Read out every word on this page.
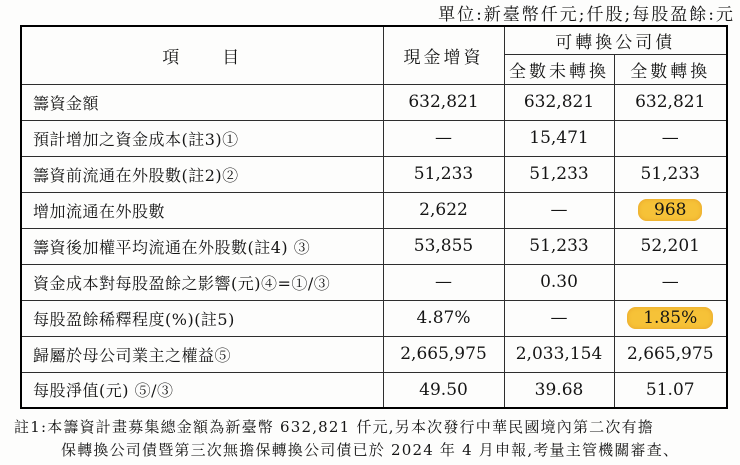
單位:新臺幣仟元;仟股;每股盈餘:元
項　　目	現金增資	可轉換公司債	
		全數未轉換	全數轉換
籌資金額	632,821	632,821	632,821
預計增加之資金成本(註3)①	—	15,471	—
籌資前流通在外股數(註2)②	51,233	51,233	51,233
增加流通在外股數	2,622	—	968
籌資後加權平均流通在外股數(註4) ③	53,855	51,233	52,201
資金成本對每股盈餘之影響(元)④=①/③	—	0.30	—
每股盈餘稀釋程度(%)(註5)	4.87%	—	1.85%
歸屬於母公司業主之權益⑤	2,665,975	2,033,154	2,665,975
每股淨值(元) ⑤/③	49.50	39.68	51.07
註1:本籌資計畫募集總金額為新臺幣 632,821 仟元,另本次發行中華民國境內第二次有擔
保轉換公司債暨第三次無擔保轉換公司債已於 2024 年 4 月申報,考量主管機關審查、
